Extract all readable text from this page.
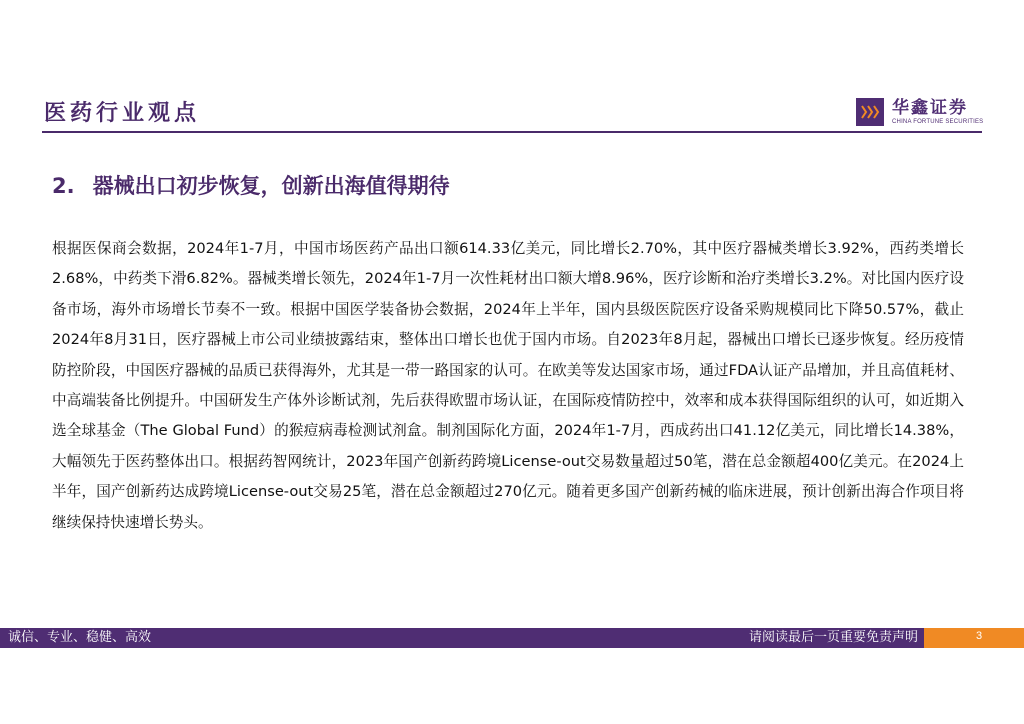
医药行业观点	华鑫证券
CHINA FORTUNE SECURITIES
2. 器械出口初步恢复，创新出海值得期待

根据医保商会数据，2024年1-7月，中国市场医药产品出口额614.33亿美元，同比增长2.70%，其中医疗器械类增长3.92%，西药类增长2.68%，中药类下滑6.82%。器械类增长领先，2024年1-7月一次性耗材出口额大增8.96%，医疗诊断和治疗类增长3.2%。对比国内医疗设备市场，海外市场增长节奏不一致。根据中国医学装备协会数据，2024年上半年，国内县级医院医疗设备采购规模同比下降50.57%，截止2024年8月31日，医疗器械上市公司业绩披露结束，整体出口增长也优于国内市场。自2023年8月起，器械出口增长已逐步恢复。经历疫情防控阶段，中国医疗器械的品质已获得海外，尤其是一带一路国家的认可。在欧美等发达国家市场，通过FDA认证产品增加，并且高值耗材、中高端装备比例提升。中国研发生产体外诊断试剂，先后获得欧盟市场认证，在国际疫情防控中，效率和成本获得国际组织的认可，如近期入选全球基金（The Global Fund）的猴痘病毒检测试剂盒。制剂国际化方面，2024年1-7月，西成药出口41.12亿美元，同比增长14.38%，大幅领先于医药整体出口。根据药智网统计，2023年国产创新药跨境License-out交易数量超过50笔，潜在总金额超400亿美元。在2024上半年，国产创新药达成跨境License-out交易25笔，潜在总金额超过270亿元。随着更多国产创新药械的临床进展，预计创新出海合作项目将继续保持快速增长势头。

诚信、专业、稳健、高效	请阅读最后一页重要免责声明	3
